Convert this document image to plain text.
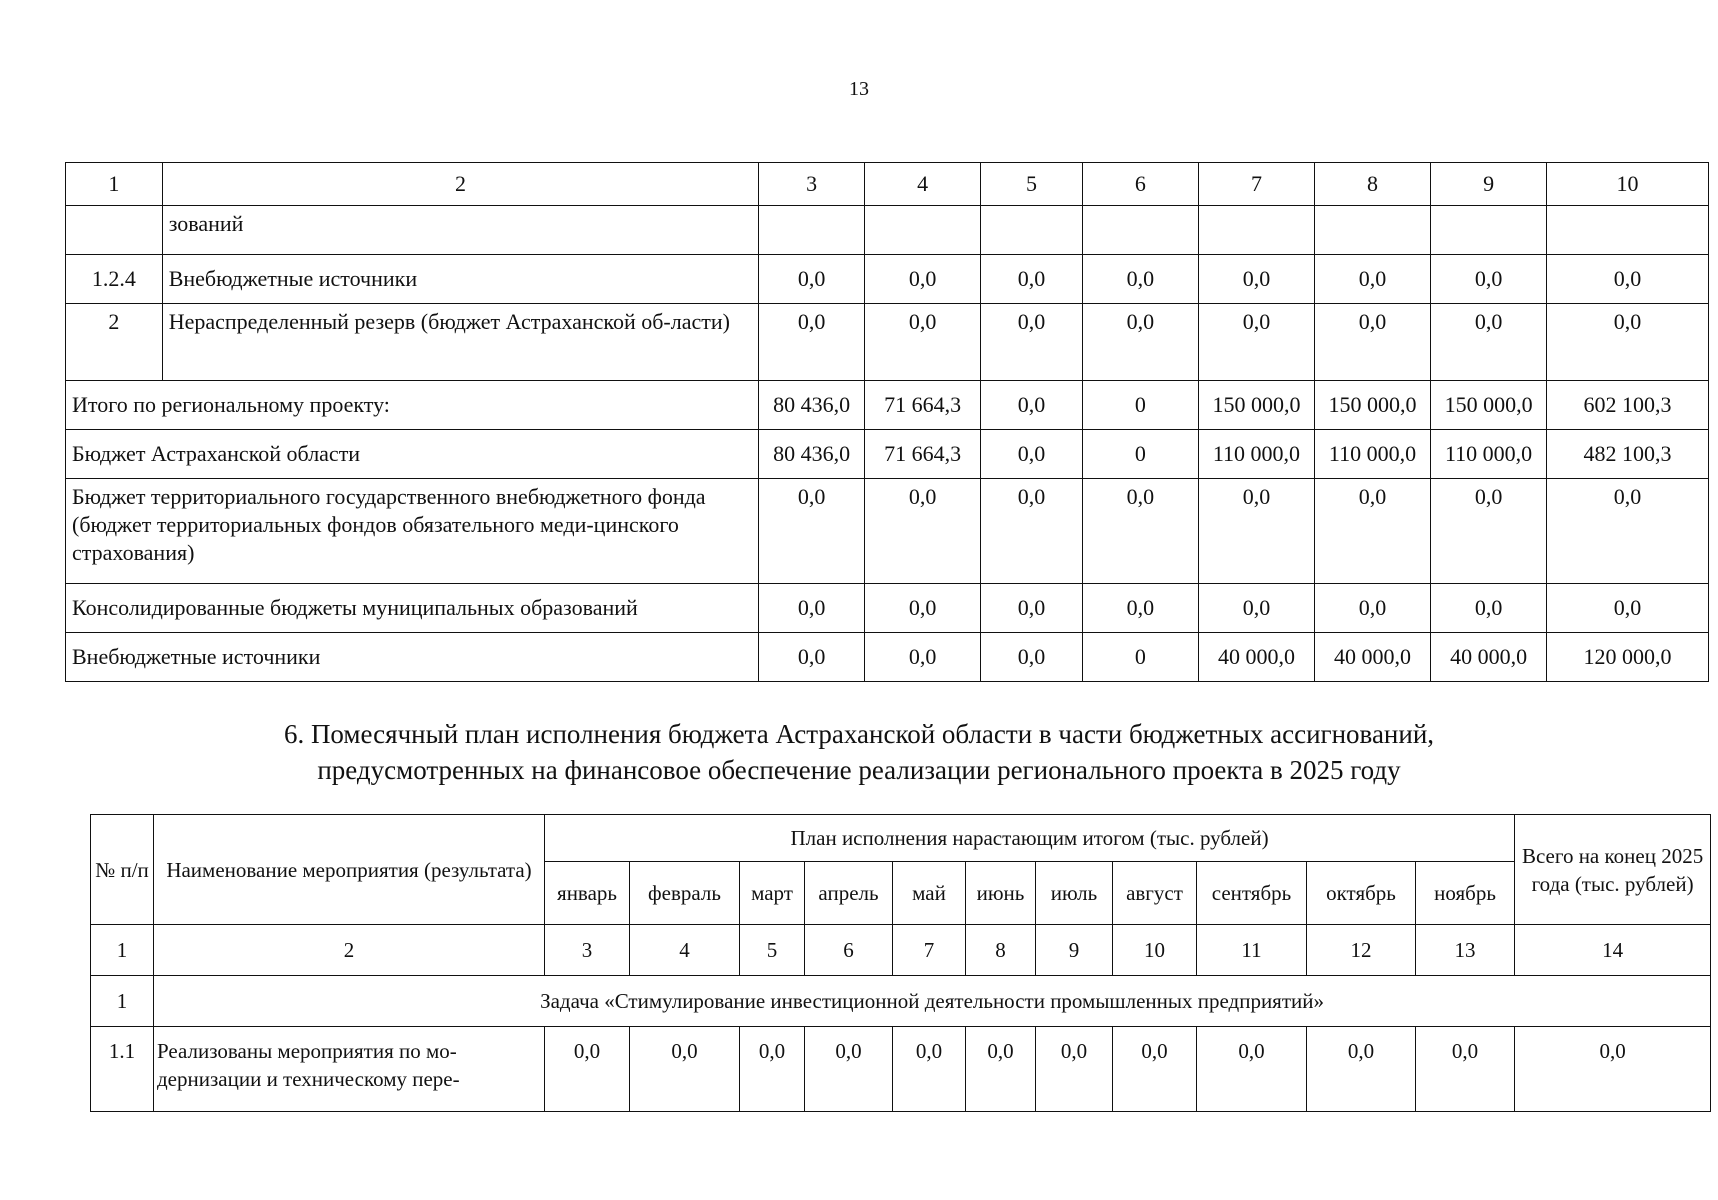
13
1	2	3	4	5	6	7	8	9	10
	зований								
1.2.4	Внебюджетные источники	0,0	0,0	0,0	0,0	0,0	0,0	0,0	0,0
2	Нераспределенный резерв (бюджет Астраханской об-ласти)	0,0	0,0	0,0	0,0	0,0	0,0	0,0	0,0
Итого по региональному проекту:		80 436,0	71 664,3	0,0	0	150 000,0	150 000,0	150 000,0	602 100,3
Бюджет Астраханской области		80 436,0	71 664,3	0,0	0	110 000,0	110 000,0	110 000,0	482 100,3
Бюджет территориального государственного внебюджетного фонда (бюджет территориальных фондов обязательного меди-цинского страхования)		0,0	0,0	0,0	0,0	0,0	0,0	0,0	0,0
Консолидированные бюджеты муниципальных образований		0,0	0,0	0,0	0,0	0,0	0,0	0,0	0,0
Внебюджетные источники		0,0	0,0	0,0	0	40 000,0	40 000,0	40 000,0	120 000,0
6. Помесячный план исполнения бюджета Астраханской области в части бюджетных ассигнований,
предусмотренных на финансовое обеспечение реализации регионального проекта в 2025 году
№ п/п	Наименование мероприятия (результата)	План исполнения нарастающим итогом (тыс. рублей)											Всего на конец 2025 года (тыс. рублей)
		январь	февраль	март	апрель	май	июнь	июль	август	сентябрь	октябрь	ноябрь	
1	2	3	4	5	6	7	8	9	10	11	12	13	14
1	Задача «Стимулирование инвестиционной деятельности промышленных предприятий»												
1.1	Реализованы мероприятия по мо-дернизации и техническому пере-	0,0	0,0	0,0	0,0	0,0	0,0	0,0	0,0	0,0	0,0	0,0	0,0
